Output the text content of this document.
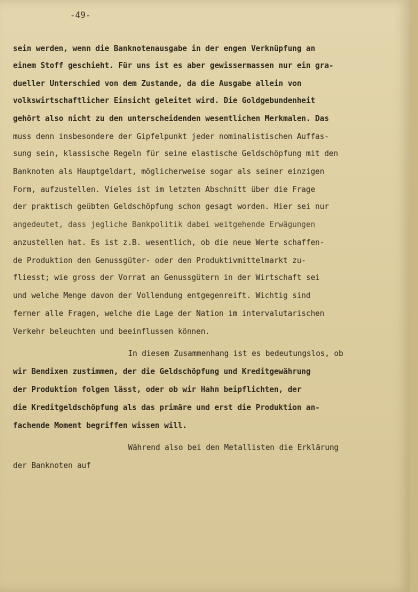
-49-
sein werden, wenn die Banknotenausgabe in der engen Verknüpfung an
einem Stoff geschieht. Für uns ist es aber gewissermassen nur ein gra-
dueller Unterschied von dem Zustande, da die Ausgabe allein von
volkswirtschaftlicher Einsicht geleitet wird. Die Goldgebundenheit
gehört also nicht zu den unterscheidenden wesentlichen Merkmalen. Das
muss denn insbesondere der Gipfelpunkt jeder nominalistischen Auffas-
sung sein, klassische Regeln für seine elastische Geldschöpfung mit den
Banknoten als Hauptgeldart, möglicherweise sogar als seiner einzigen
Form, aufzustellen. Vieles ist im letzten Abschnitt über die Frage
der praktisch geübten Geldschöpfung schon gesagt worden. Hier sei nur
angedeutet, dass jegliche Bankpolitik dabei weitgehende Erwägungen
anzustellen hat. Es ist z.B. wesentlich, ob die neue Werte schaffen-
de Produktion den Genussgüter- oder den Produktivmittelmarkt zu-
fliesst; wie gross der Vorrat an Genussgütern in der Wirtschaft sei
und welche Menge davon der Vollendung entgegenreift. Wichtig sind
ferner alle Fragen, welche die Lage der Nation im intervalutarischen
Verkehr beleuchten und beeinflussen können.
In diesem Zusammenhang ist es bedeutungslos, ob
wir Bendixen zustimmen, der die Geldschöpfung und Kreditgewährung
der Produktion folgen lässt, oder ob wir Hahn beipflichten, der
die Kreditgeldschöpfung als das primäre und erst die Produktion an-
fachende Moment begriffen wissen will.
Während also bei den Metallisten die Erklärung
der Banknoten auf
